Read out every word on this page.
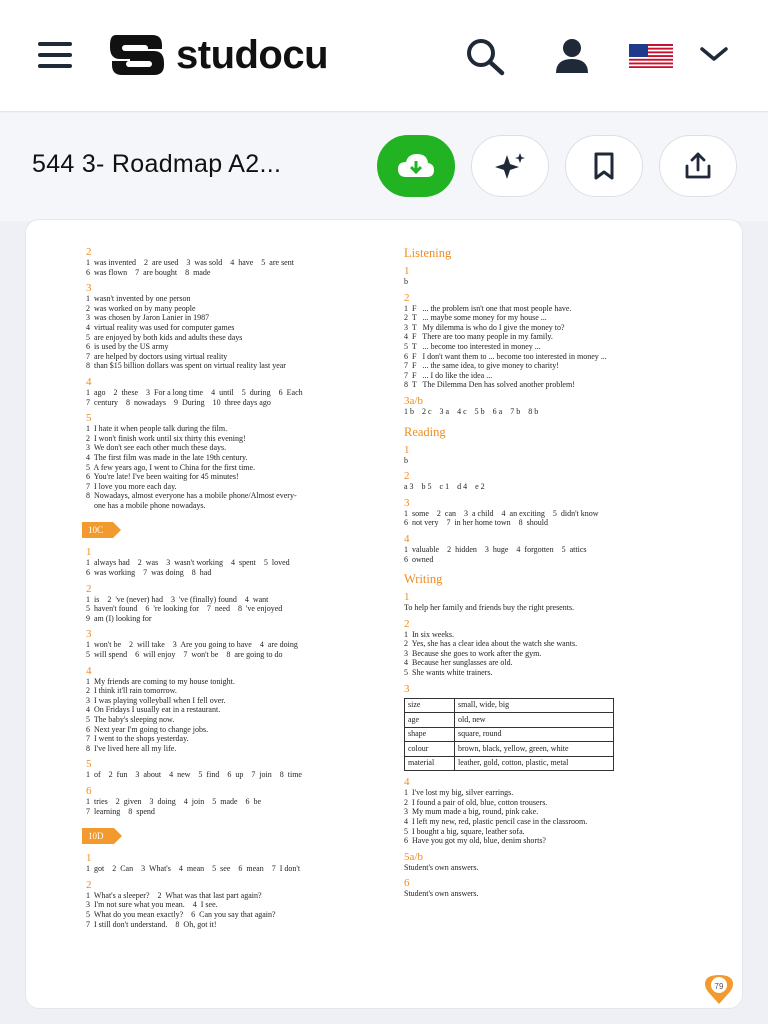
studocu
544 3- Roadmap A2...
2
1  was invented    2  are used    3  was sold    4  have    5  are sent
6  was flown    7  are bought    8  made
3
1  wasn't invented by one person
2  was worked on by many people
3  was chosen by Jaron Lanier in 1987
4  virtual reality was used for computer games
5  are enjoyed by both kids and adults these days
6  is used by the US army
7  are helped by doctors using virtual reality
8  than $15 billion dollars was spent on virtual reality last year
4
1  ago    2  these    3  For a long time    4  until    5  during    6  Each
7  century    8  nowadays    9  During    10  three days ago
5
1  I hate it when people talk during the film.
2  I won't finish work until six thirty this evening!
3  We don't see each other much these days.
4  The first film was made in the late 19th century.
5  A few years ago, I went to China for the first time.
6  You're late! I've been waiting for 45 minutes!
7  I love you more each day.
8  Nowadays, almost everyone has a mobile phone/Almost every-
one has a mobile phone nowadays.
10C
1
1  always had    2  was    3  wasn't working    4  spent    5  loved
6  was working    7  was doing    8  had
2
1  is    2  've (never) had    3  've (finally) found    4  want
5  haven't found    6  're looking for    7  need    8  've enjoyed
9  am (I) looking for
3
1  won't be    2  will take    3  Are you going to have    4  are doing
5  will spend    6  will enjoy    7  won't be    8  are going to do
4
1  My friends are coming to my house tonight.
2  I think it'll rain tomorrow.
3  I was playing volleyball when I fell over.
4  On Fridays I usually eat in a restaurant.
5  The baby's sleeping now.
6  Next year I'm going to change jobs.
7  I went to the shops yesterday.
8  I've lived here all my life.
5
1  of    2  fun    3  about    4  new    5  find    6  up    7  join    8  time
6
1  tries    2  given    3  doing    4  join    5  made    6  be
7  learning    8  spend
10D
1
1  got    2  Can    3  What's    4  mean    5  see    6  mean    7  I don't
2
1  What's a sleeper?    2  What was that last part again?
3  I'm not sure what you mean.    4  I see.
5  What do you mean exactly?    6  Can you say that again?
7  I still don't understand.    8  Oh, got it!
Listening
1
b
2
1  F   ... the problem isn't one that most people have.
2  T   ... maybe some money for my house ...
3  T   My dilemma is who do I give the money to?
4  F   There are too many people in my family.
5  T   ... become too interested in money ...
6  F   I don't want them to ... become too interested in money ...
7  F   ... the same idea, to give money to charity!
7  F   ... I do like the idea ...
8  T   The Dilemma Den has solved another problem!
3a/b
1 b    2 c    3 a    4 c    5 b    6 a    7 b    8 b
Reading
1
b
2
a 3    b 5    c 1    d 4    e 2
3
1  some    2  can    3  a child    4  an exciting    5  didn't know
6  not very    7  in her home town    8  should
4
1  valuable    2  hidden    3  huge    4  forgotten    5  attics
6  owned
Writing
1
To help her family and friends buy the right presents.
2
1  In six weeks.
2  Yes, she has a clear idea about the watch she wants.
3  Because she goes to work after the gym.
4  Because her sunglasses are old.
5  She wants white trainers.
3
size	small, wide, big
age	old, new
shape	square, round
colour	brown, black, yellow, green, white
material	leather, gold, cotton, plastic, metal
4
1  I've lost my big, silver earrings.
2  I found a pair of old, blue, cotton trousers.
3  My mum made a big, round, pink cake.
4  I left my new, red, plastic pencil case in the classroom.
5  I bought a big, square, leather sofa.
6  Have you got my old, blue, denim shorts?
5a/b
Student's own answers.
6
Student's own answers.
79
